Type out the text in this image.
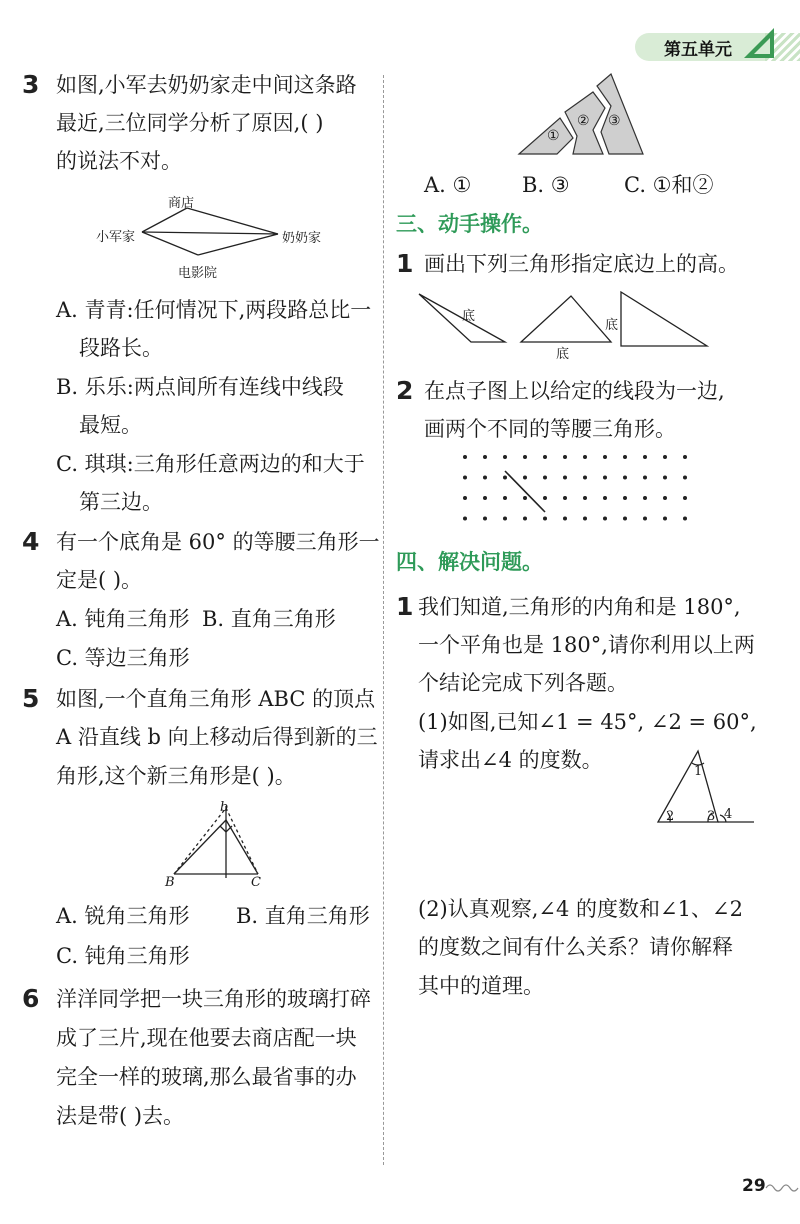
第五单元
3 如图,小军去奶奶家走中间这条路
最近,三位同学分析了原因,( )
的说法不对。
商店
小军家	奶奶家
电影院
A. 青青:任何情况下,两段路总比一
段路长。
B. 乐乐:两点间所有连线中线段
最短。
C. 琪琪:三角形任意两边的和大于
第三边。
4 有一个底角是 60° 的等腰三角形一
定是( )。
A. 钝角三角形 B. 直角三角形
C. 等边三角形
5 如图,一个直角三角形 ABC 的顶点
A 沿直线 b 向上移动后得到新的三
角形,这个新三角形是( )。
b
B	C
A. 锐角三角形 B. 直角三角形
C. 钝角三角形
6 洋洋同学把一块三角形的玻璃打碎
成了三片,现在他要去商店配一块
完全一样的玻璃,那么最省事的办
法是带( )去。
①
② ③
A. ① B. ③	C. ①和②
三、动手操作。
1 画出下列三角形指定底边上的高。
底
底
底
2 在点子图上以给定的线段为一边,
画两个不同的等腰三角形。
四、解决问题。
1 我们知道,三角形的内角和是 180°,
一个平角也是 180°,请你利用以上两
个结论完成下列各题。
(1)如图,已知∠1 = 45°, ∠2 = 60°,
请求出∠4 的度数。	1
2	3 4
(2)认真观察,∠4 的度数和∠1、∠2
的度数之间有什么关系？请你解释
其中的道理。
29
